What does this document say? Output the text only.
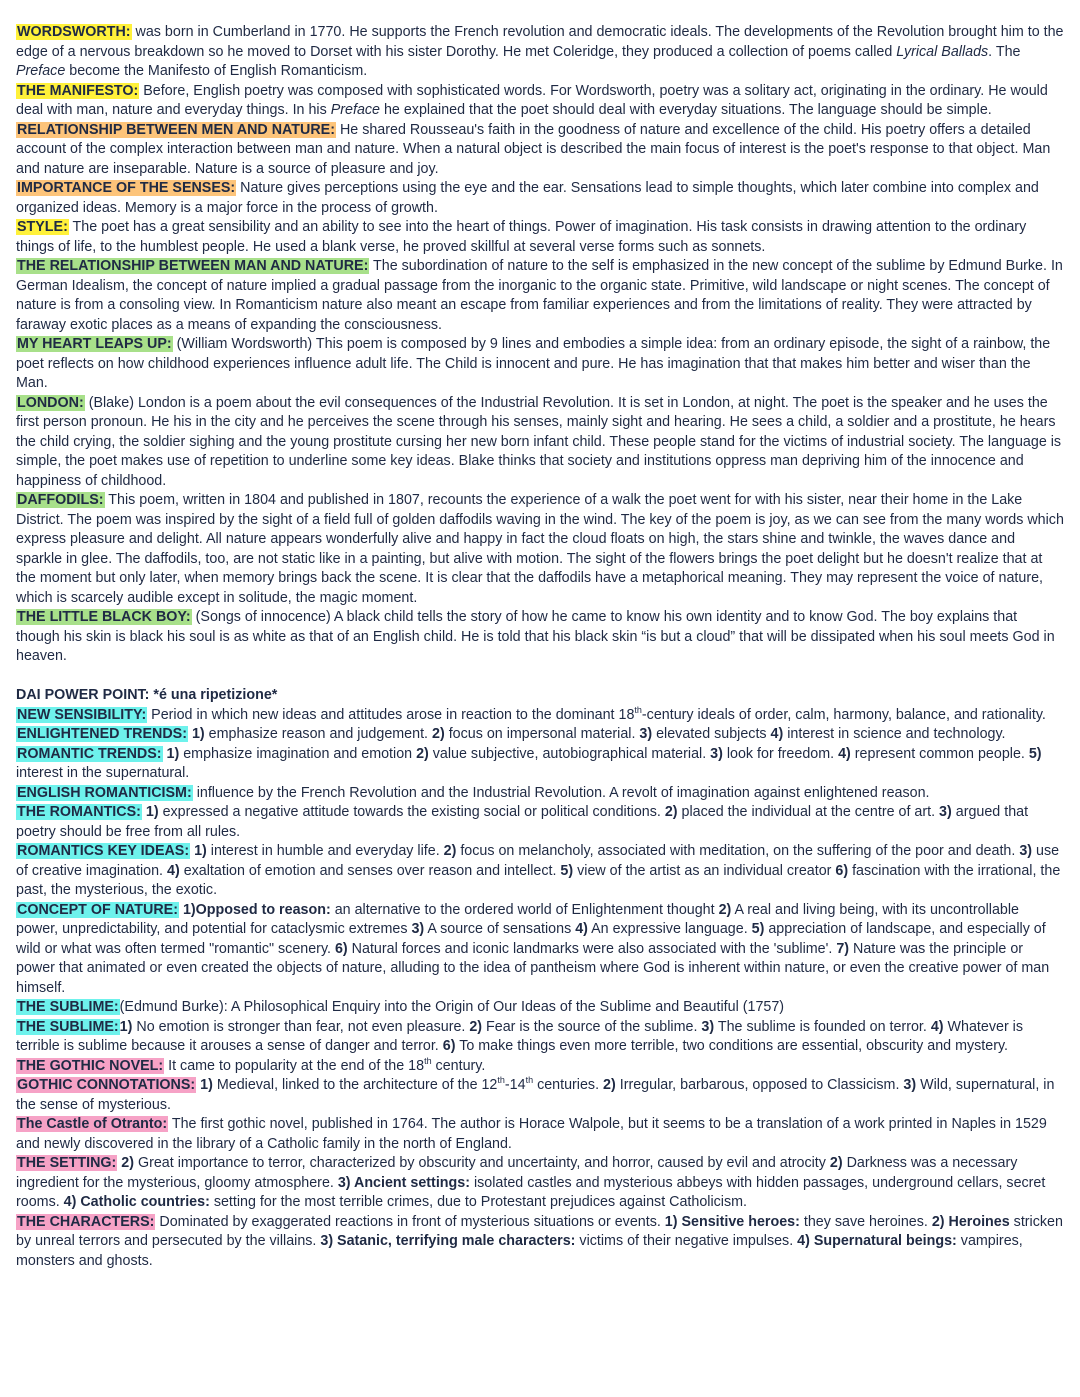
WORDSWORTH: was born in Cumberland in 1770. He supports the French revolution and democratic ideals. The developments of the Revolution brought him to the edge of a nervous breakdown so he moved to Dorset with his sister Dorothy. He met Coleridge, they produced a collection of poems called Lyrical Ballads. The Preface become the Manifesto of English Romanticism.

THE MANIFESTO: Before, English poetry was composed with sophisticated words. For Wordsworth, poetry was a solitary act, originating in the ordinary. He would deal with man, nature and everyday things. In his Preface he explained that the poet should deal with everyday situations. The language should be simple.

RELATIONSHIP BETWEEN MEN AND NATURE: He shared Rousseau's faith in the goodness of nature and excellence of the child. His poetry offers a detailed account of the complex interaction between man and nature. When a natural object is described the main focus of interest is the poet's response to that object. Man and nature are inseparable. Nature is a source of pleasure and joy.

IMPORTANCE OF THE SENSES: Nature gives perceptions using the eye and the ear. Sensations lead to simple thoughts, which later combine into complex and organized ideas. Memory is a major force in the process of growth.

STYLE: The poet has a great sensibility and an ability to see into the heart of things. Power of imagination. His task consists in drawing attention to the ordinary things of life, to the humblest people. He used a blank verse, he proved skillful at several verse forms such as sonnets.

THE RELATIONSHIP BETWEEN MAN AND NATURE: The subordination of nature to the self is emphasized in the new concept of the sublime by Edmund Burke. In German Idealism, the concept of nature implied a gradual passage from the inorganic to the organic state. Primitive, wild landscape or night scenes. The concept of nature is from a consoling view. In Romanticism nature also meant an escape from familiar experiences and from the limitations of reality. They were attracted by faraway exotic places as a means of expanding the consciousness.

MY HEART LEAPS UP: (William Wordsworth) This poem is composed by 9 lines and embodies a simple idea: from an ordinary episode, the sight of a rainbow, the poet reflects on how childhood experiences influence adult life. The Child is innocent and pure. He has imagination that that makes him better and wiser than the Man.

LONDON: (Blake) London is a poem about the evil consequences of the Industrial Revolution. It is set in London, at night. The poet is the speaker and he uses the first person pronoun. He his in the city and he perceives the scene through his senses, mainly sight and hearing. He sees a child, a soldier and a prostitute, he hears the child crying, the soldier sighing and the young prostitute cursing her new born infant child. These people stand for the victims of industrial society. The language is simple, the poet makes use of repetition to underline some key ideas. Blake thinks that society and institutions oppress man depriving him of the innocence and happiness of childhood.

DAFFODILS: This poem, written in 1804 and published in 1807, recounts the experience of a walk the poet went for with his sister, near their home in the Lake District. The poem was inspired by the sight of a field full of golden daffodils waving in the wind. The key of the poem is joy, as we can see from the many words which express pleasure and delight. All nature appears wonderfully alive and happy in fact the cloud floats on high, the stars shine and twinkle, the waves dance and sparkle in glee. The daffodils, too, are not static like in a painting, but alive with motion. The sight of the flowers brings the poet delight but he doesn't realize that at the moment but only later, when memory brings back the scene. It is clear that the daffodils have a metaphorical meaning. They may represent the voice of nature, which is scarcely audible except in solitude, the magic moment.

THE LITTLE BLACK BOY: (Songs of innocence) A black child tells the story of how he came to know his own identity and to know God. The boy explains that though his skin is black his soul is as white as that of an English child. He is told that his black skin “is but a cloud” that will be dissipated when his soul meets God in heaven.

DAI POWER POINT: *é una ripetizione*

NEW SENSIBILITY: Period in which new ideas and attitudes arose in reaction to the dominant 18th-century ideals of order, calm, harmony, balance, and rationality.

ENLIGHTENED TRENDS: 1) emphasize reason and judgement. 2) focus on impersonal material. 3) elevated subjects 4) interest in science and technology.

ROMANTIC TRENDS: 1) emphasize imagination and emotion 2) value subjective, autobiographical material. 3) look for freedom. 4) represent common people. 5) interest in the supernatural.

ENGLISH ROMANTICISM: influence by the French Revolution and the Industrial Revolution. A revolt of imagination against enlightened reason.

THE ROMANTICS: 1) expressed a negative attitude towards the existing social or political conditions. 2) placed the individual at the centre of art. 3) argued that poetry should be free from all rules.

ROMANTICS KEY IDEAS: 1) interest in humble and everyday life. 2) focus on melancholy, associated with meditation, on the suffering of the poor and death. 3) use of creative imagination. 4) exaltation of emotion and senses over reason and intellect. 5) view of the artist as an individual creator 6) fascination with the irrational, the past, the mysterious, the exotic.

CONCEPT OF NATURE: 1)Opposed to reason: an alternative to the ordered world of Enlightenment thought 2) A real and living being, with its uncontrollable power, unpredictability, and potential for cataclysmic extremes 3) A source of sensations 4) An expressive language. 5) appreciation of landscape, and especially of wild or what was often termed "romantic" scenery. 6) Natural forces and iconic landmarks were also associated with the 'sublime'. 7) Nature was the principle or power that animated or even created the objects of nature, alluding to the idea of pantheism where God is inherent within nature, or even the creative power of man himself.

THE SUBLIME:(Edmund Burke): A Philosophical Enquiry into the Origin of Our Ideas of the Sublime and Beautiful (1757)

THE SUBLIME:1) No emotion is stronger than fear, not even pleasure. 2) Fear is the source of the sublime. 3) The sublime is founded on terror. 4) Whatever is terrible is sublime because it arouses a sense of danger and terror. 6) To make things even more terrible, two conditions are essential, obscurity and mystery.

THE GOTHIC NOVEL: It came to popularity at the end of the 18th century.

GOTHIC CONNOTATIONS: 1) Medieval, linked to the architecture of the 12th-14th centuries. 2) Irregular, barbarous, opposed to Classicism. 3) Wild, supernatural, in the sense of mysterious.

The Castle of Otranto: The first gothic novel, published in 1764. The author is Horace Walpole, but it seems to be a translation of a work printed in Naples in 1529 and newly discovered in the library of a Catholic family in the north of England.

THE SETTING: 2) Great importance to terror, characterized by obscurity and uncertainty, and horror, caused by evil and atrocity 2) Darkness was a necessary ingredient for the mysterious, gloomy atmosphere. 3) Ancient settings: isolated castles and mysterious abbeys with hidden passages, underground cellars, secret rooms. 4) Catholic countries: setting for the most terrible crimes, due to Protestant prejudices against Catholicism.

THE CHARACTERS: Dominated by exaggerated reactions in front of mysterious situations or events. 1) Sensitive heroes: they save heroines. 2) Heroines stricken by unreal terrors and persecuted by the villains. 3) Satanic, terrifying male characters: victims of their negative impulses. 4) Supernatural beings: vampires, monsters and ghosts.
